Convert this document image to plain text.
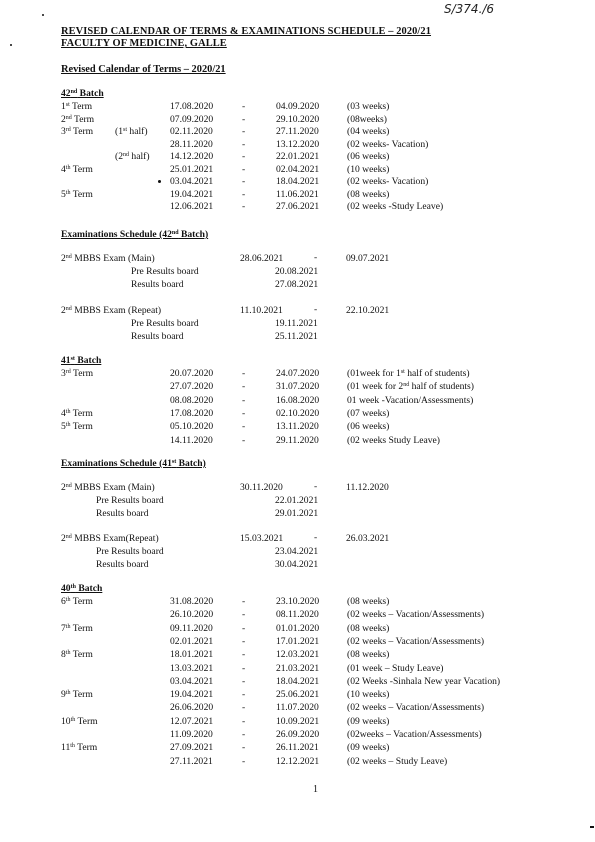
S/374./6
REVISED CALENDAR OF TERMS & EXAMINATIONS SCHEDULE – 2020/21
FACULTY OF MEDICINE, GALLE
Revised Calendar of Terms – 2020/21
42nd Batch
1st Term	17.08.2020	-	04.09.2020	(03 weeks)
2nd Term	07.09.2020	-	29.10.2020	(08weeks)
3rd Term (1st half) 02.11.2020	-	27.11.2020	(04 weeks)
28.11.2020	-	13.12.2020	(02 weeks- Vacation)
(2nd half) 14.12.2020	-	22.01.2021	(06 weeks)
4th Term	25.01.2021	-	02.04.2021	(10 weeks)
03.04.2021	-	18.04.2021	(02 weeks- Vacation)
5th Term	19.04.2021	-	11.06.2021	(08 weeks)
12.06.2021	-	27.06.2021	(02 weeks -Study Leave)
Examinations Schedule (42nd Batch)
2nd MBBS Exam (Main)	28.06.2021	-	09.07.2021
Pre Results board	20.08.2021
Results board	27.08.2021
2nd MBBS Exam (Repeat)	11.10.2021	-	22.10.2021
Pre Results board	19.11.2021
Results board	25.11.2021
41st Batch
3rd Term	20.07.2020	-	24.07.2020	(01week for 1st half of students)
27.07.2020	-	31.07.2020	(01 week for 2nd half of students)
08.08.2020	-	16.08.2020	01 week -Vacation/Assessments)
4th Term	17.08.2020	-	02.10.2020	(07 weeks)
5th Term	05.10.2020	-	13.11.2020	(06 weeks)
14.11.2020	-	29.11.2020	(02 weeks Study Leave)
Examinations Schedule (41st Batch)
2nd MBBS Exam (Main)	30.11.2020	-	11.12.2020
Pre Results board	22.01.2021
Results board	29.01.2021
2nd MBBS Exam(Repeat)	15.03.2021	-	26.03.2021
Pre Results board	23.04.2021
Results board	30.04.2021
40th Batch
6th Term	31.08.2020	-	23.10.2020	(08 weeks)
26.10.2020	-	08.11.2020	(02 weeks – Vacation/Assessments)
7th Term	09.11.2020	-	01.01.2020	(08 weeks)
02.01.2021	-	17.01.2021	(02 weeks – Vacation/Assessments)
8th Term	18.01.2021	-	12.03.2021	(08 weeks)
13.03.2021	-	21.03.2021	(01 week – Study Leave)
03.04.2021	-	18.04.2021	(02 Weeks -Sinhala New year Vacation)
9th Term	19.04.2021	-	25.06.2021	(10 weeks)
26.06.2020	-	11.07.2020	(02 weeks – Vacation/Assessments)
10th Term	12.07.2021	-	10.09.2021	(09 weeks)
11.09.2020	-	26.09.2020	(02weeks – Vacation/Assessments)
11th Term	27.09.2021	-	26.11.2021	(09 weeks)
27.11.2021	-	12.12.2021	(02 weeks – Study Leave)
1
